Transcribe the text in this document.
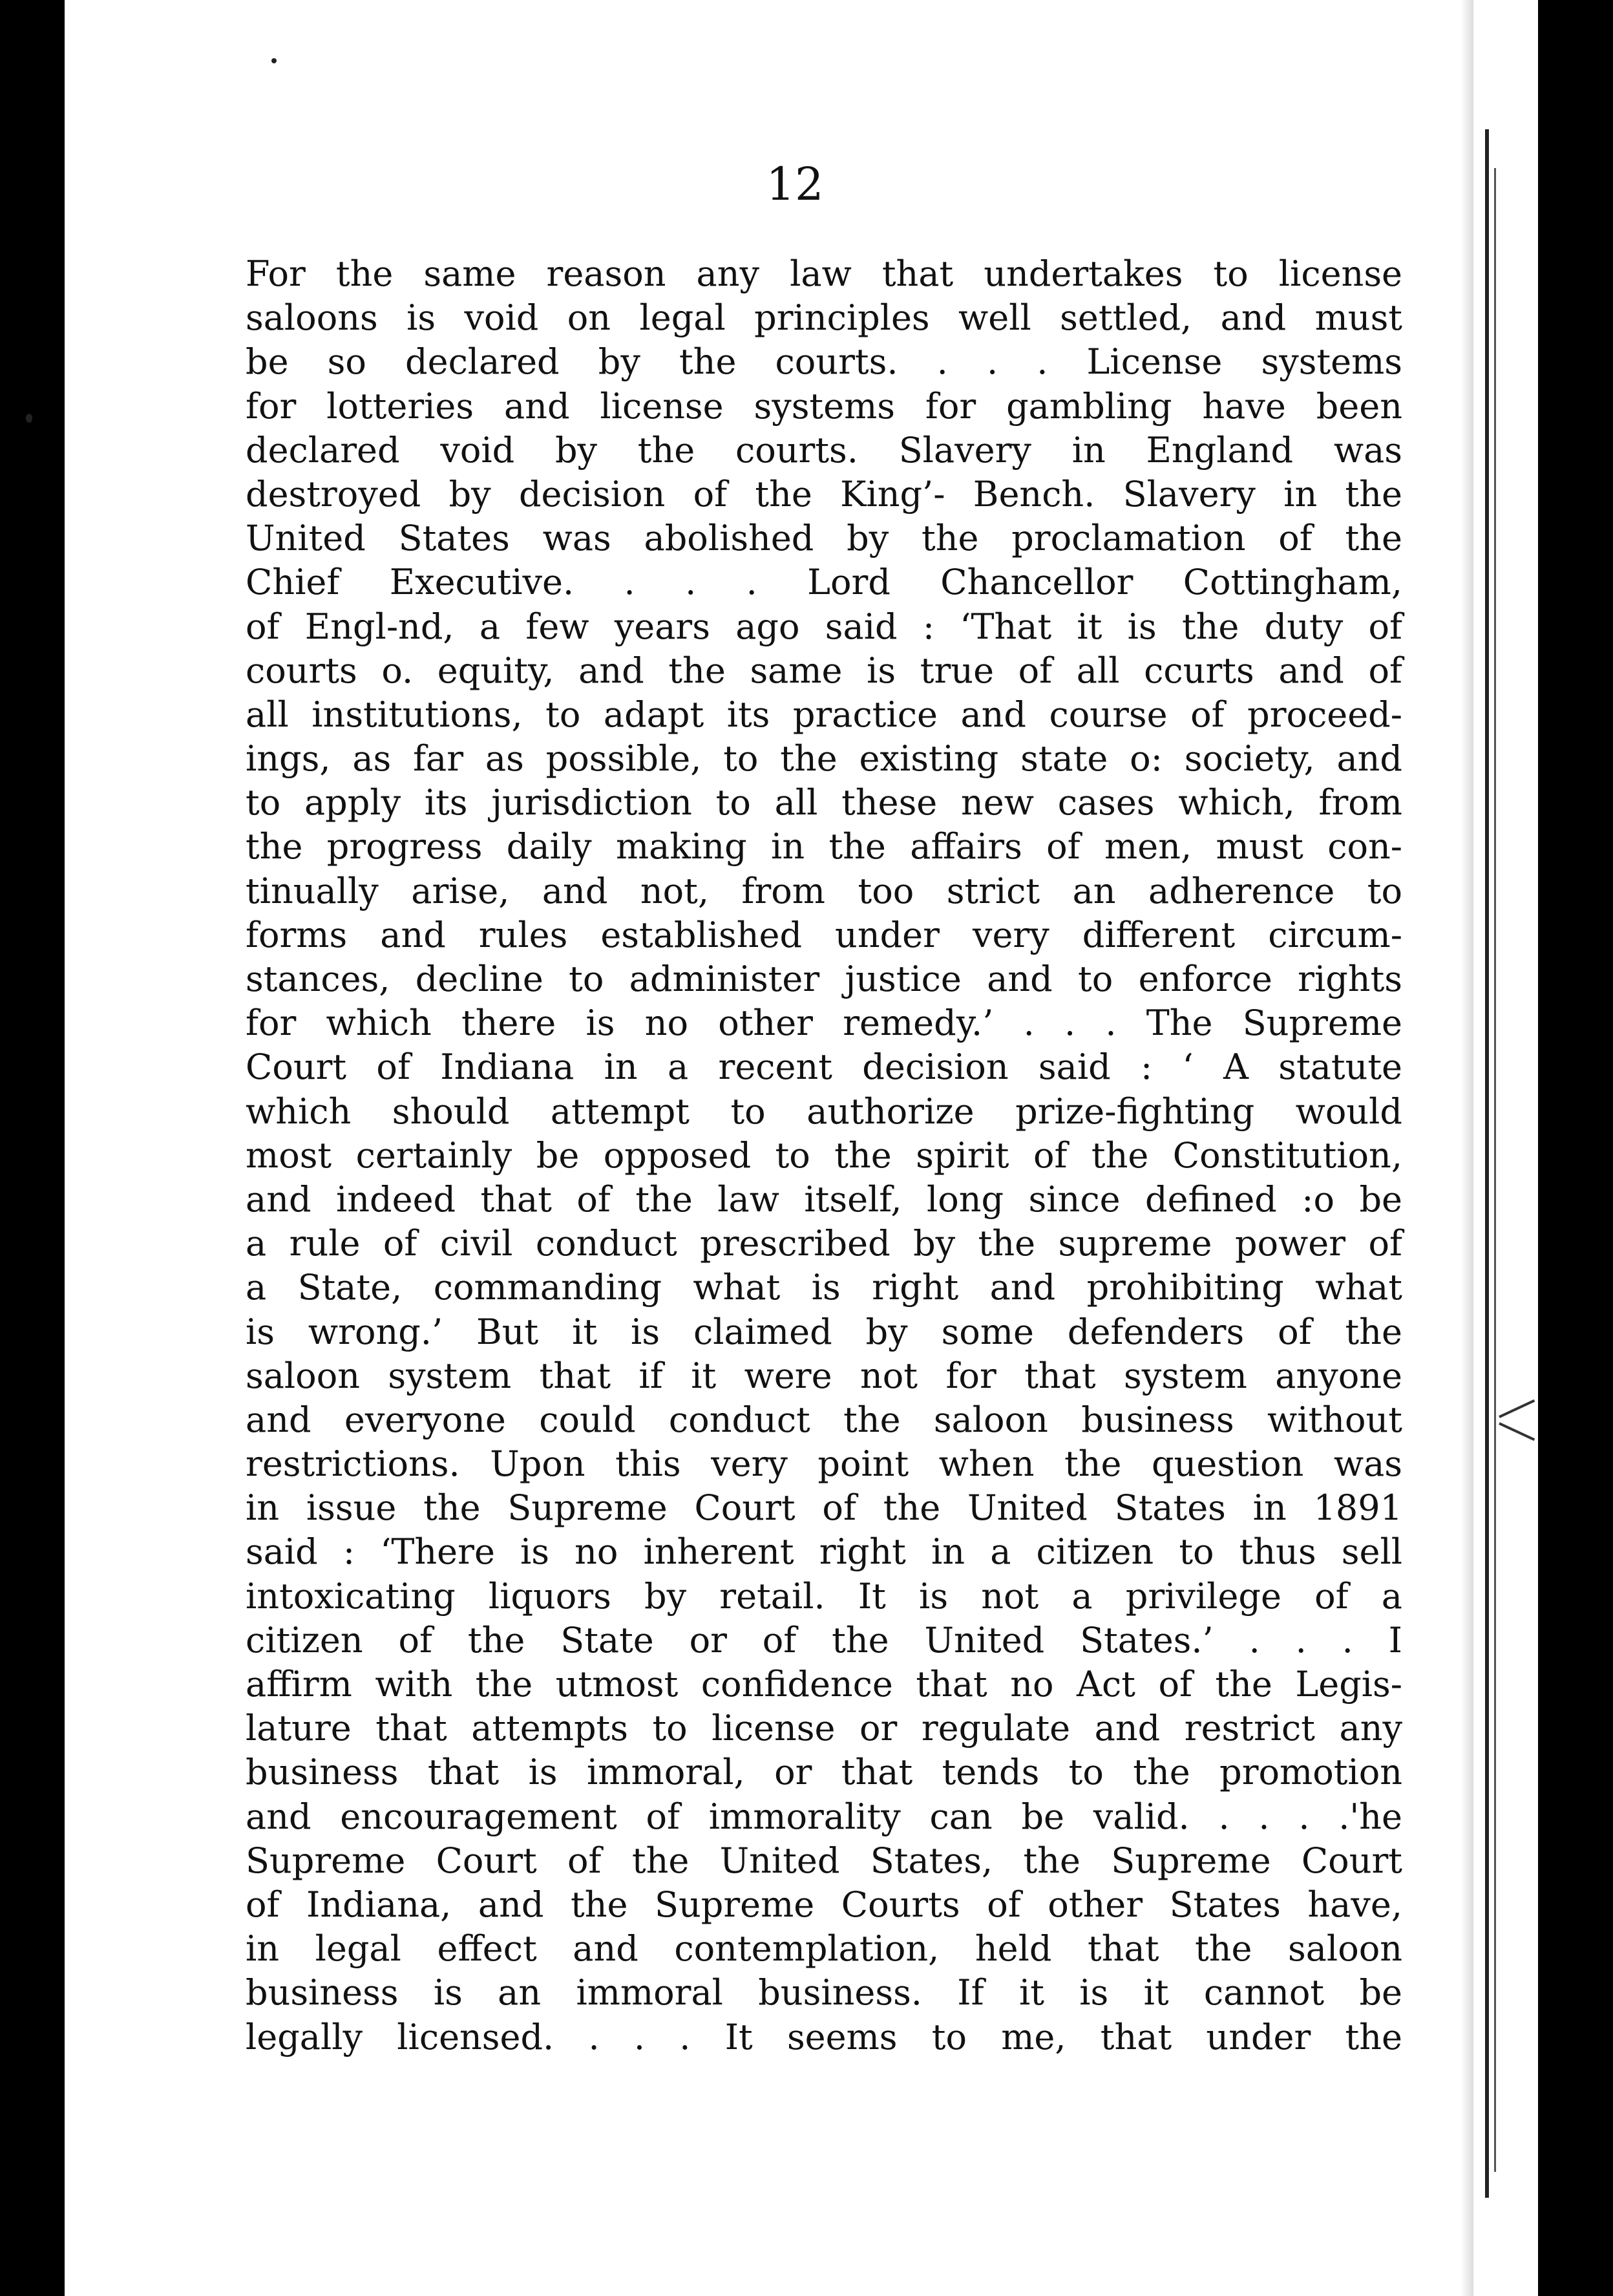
12
For the same reason any law that undertakes to license
saloons is void on legal principles well settled, and must
be so declared by the courts. . . . License systems
for lotteries and license systems for gambling have been
declared void by the courts. Slavery in England was
destroyed by decision of the King’- Bench. Slavery in the
United States was abolished by the proclamation of the
Chief Executive. . . . Lord Chancellor Cottingham,
of Engl-nd, a few years ago said : ‘That it is the duty of
courts o. equity, and the same is true of all ccurts and of
all institutions, to adapt its practice and course of proceed-
ings, as far as possible, to the existing state o: society, and
to apply its jurisdiction to all these new cases which, from
the progress daily making in the affairs of men, must con-
tinually arise, and not, from too strict an adherence to
forms and rules established under very different circum-
stances, decline to administer justice and to enforce rights
for which there is no other remedy.’ . . . The Supreme
Court of Indiana in a recent decision said : ‘ A statute
which should attempt to authorize prize-fighting would
most certainly be opposed to the spirit of the Constitution,
and indeed that of the law itself, long since defined :o be
a rule of civil conduct prescribed by the supreme power of
a State, commanding what is right and prohibiting what
is wrong.’ But it is claimed by some defenders of the
saloon system that if it were not for that system anyone
and everyone could conduct the saloon business without
restrictions. Upon this very point when the question was
in issue the Supreme Court of the United States in 1891
said : ‘There is no inherent right in a citizen to thus sell
intoxicating liquors by retail. It is not a privilege of a
citizen of the State or of the United States.’ . . . I
affirm with the utmost confidence that no Act of the Legis-
lature that attempts to license or regulate and restrict any
business that is immoral, or that tends to the promotion
and encouragement of immorality can be valid. . . . .'he
Supreme Court of the United States, the Supreme Court
of Indiana, and the Supreme Courts of other States have,
in legal effect and contemplation, held that the saloon
business is an immoral business. If it is it cannot be
legally licensed. . . . It seems to me, that under the
